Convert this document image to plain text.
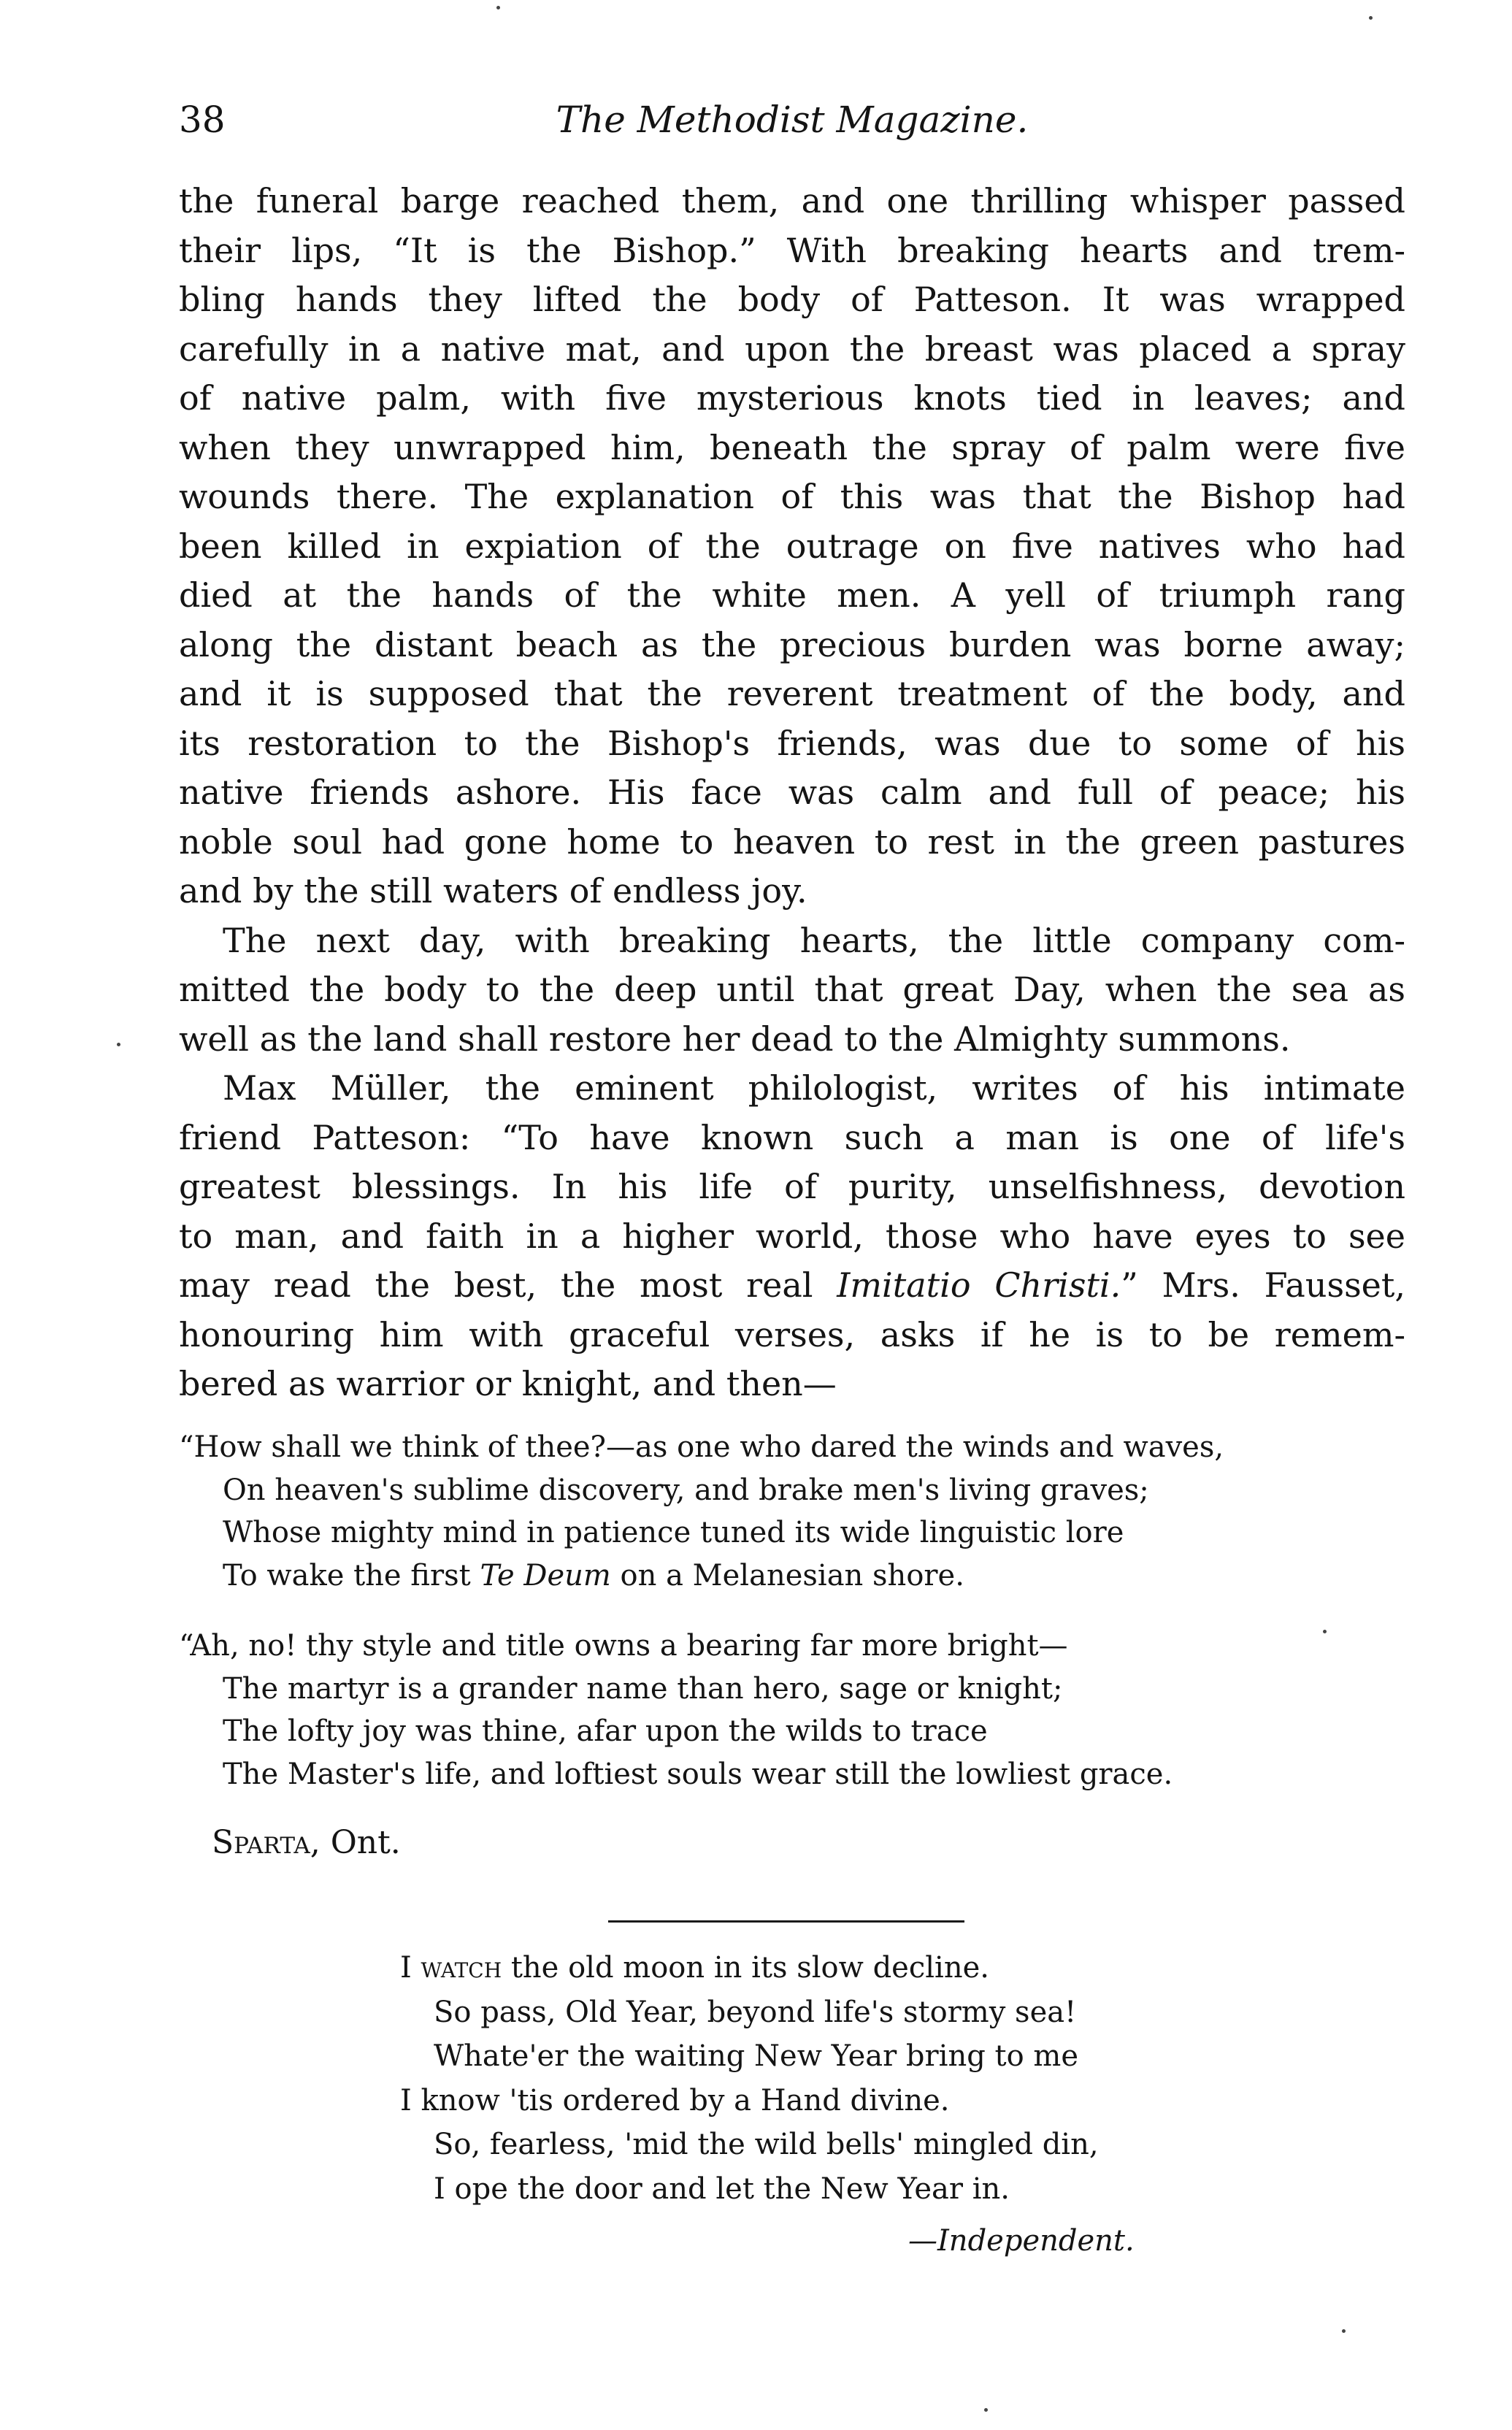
38	The Methodist Magazine.
the funeral barge reached them, and one thrilling whisper passed
their lips, “It is the Bishop.” With breaking hearts and trem-
bling hands they lifted the body of Patteson. It was wrapped
carefully in a native mat, and upon the breast was placed a spray
of native palm, with five mysterious knots tied in leaves; and
when they unwrapped him, beneath the spray of palm were five
wounds there. The explanation of this was that the Bishop had
been killed in expiation of the outrage on five natives who had
died at the hands of the white men. A yell of triumph rang
along the distant beach as the precious burden was borne away;
and it is supposed that the reverent treatment of the body, and
its restoration to the Bishop's friends, was due to some of his
native friends ashore. His face was calm and full of peace; his
noble soul had gone home to heaven to rest in the green pastures
and by the still waters of endless joy.
The next day, with breaking hearts, the little company com-
mitted the body to the deep until that great Day, when the sea as
well as the land shall restore her dead to the Almighty summons.
Max Müller, the eminent philologist, writes of his intimate
friend Patteson: “To have known such a man is one of life's
greatest blessings. In his life of purity, unselfishness, devotion
to man, and faith in a higher world, those who have eyes to see
may read the best, the most real Imitatio Christi.” Mrs. Fausset,
honouring him with graceful verses, asks if he is to be remem-
bered as warrior or knight, and then—
“How shall we think of thee?—as one who dared the winds and waves,
On heaven's sublime discovery, and brake men's living graves;
Whose mighty mind in patience tuned its wide linguistic lore
To wake the first Te Deum on a Melanesian shore.
“Ah, no! thy style and title owns a bearing far more bright—
The martyr is a grander name than hero, sage or knight;
The lofty joy was thine, afar upon the wilds to trace
The Master's life, and loftiest souls wear still the lowliest grace.
Sparta, Ont.
I watch the old moon in its slow decline.
So pass, Old Year, beyond life's stormy sea!
Whate'er the waiting New Year bring to me
I know 'tis ordered by a Hand divine.
So, fearless, 'mid the wild bells' mingled din,
I ope the door and let the New Year in.
—Independent.
